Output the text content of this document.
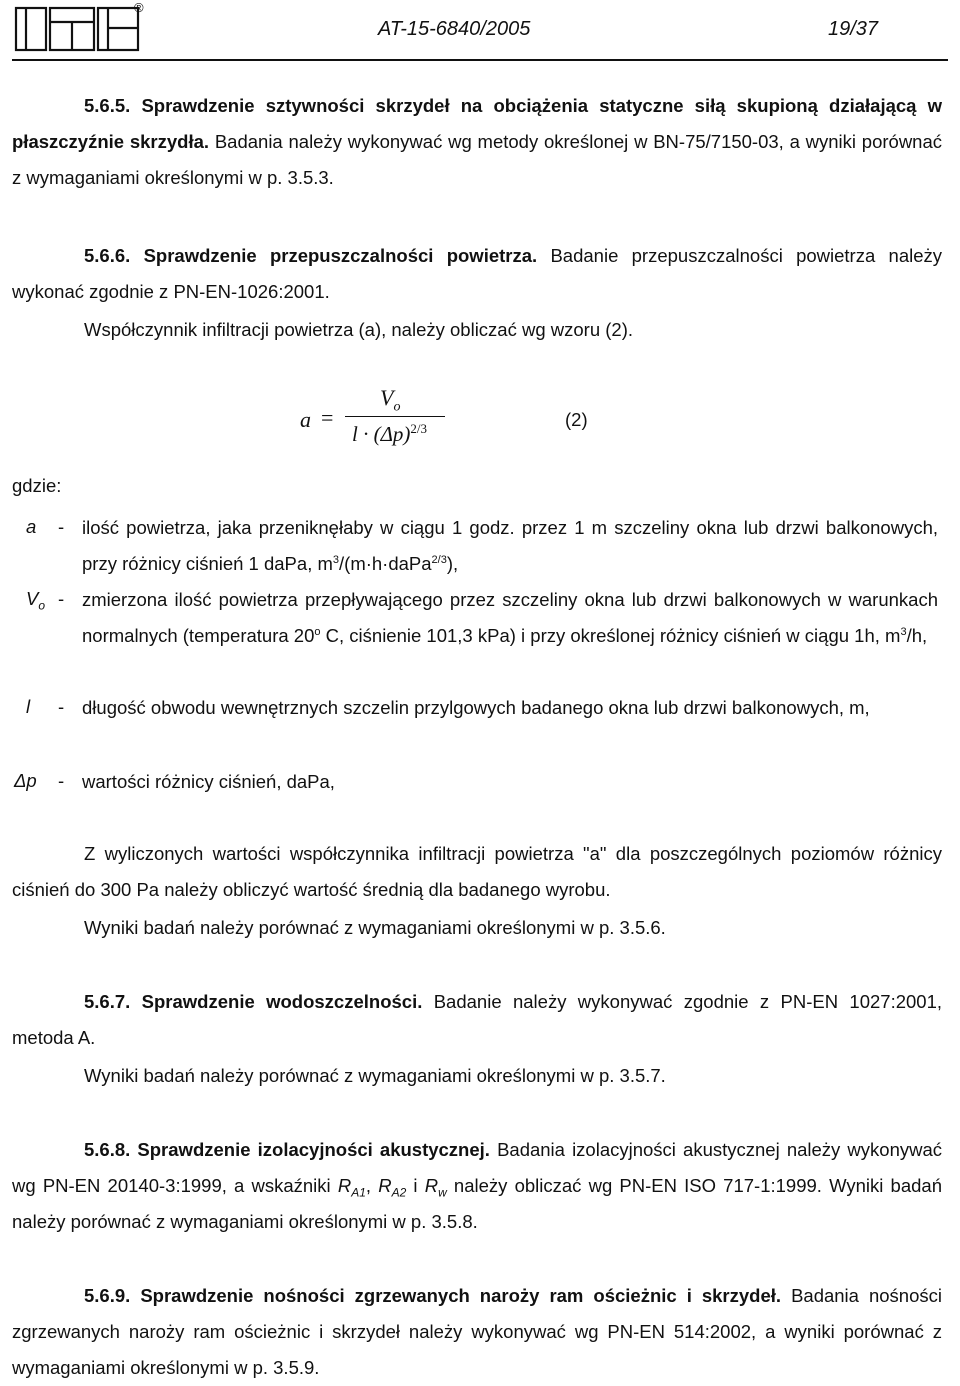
®
AT-15-6840/2005	19/37
5.6.5. Sprawdzenie sztywności skrzydeł na obciążenia statyczne siłą skupioną działającą w płaszczyźnie skrzydła. Badania należy wykonywać wg metody określonej w BN-75/7150-03, a wyniki porównać z wymaganiami określonymi w p. 3.5.3.
5.6.6. Sprawdzenie przepuszczalności powietrza. Badanie przepuszczalności powietrza należy wykonać zgodnie z PN-EN-1026:2001.
Współczynnik infiltracji powietrza (a), należy obliczać wg wzoru (2).
a =
$V_o$
$l \cdot (\Delta p)^{2/3}$	(2)
gdzie:
a - ilość powietrza, jaka przeniknęłaby w ciągu 1 godz. przez 1 m szczeliny okna lub drzwi balkonowych, przy różnicy ciśnień 1 daPa, $m^3/(m\cdot h\cdot daPa^{2/3})$,
$V_o$ - zmierzona ilość powietrza przepływającego przez szczeliny okna lub drzwi balkonowych w warunkach normalnych (temperatura 20$^o$ C, ciśnienie 101,3 kPa) i przy określonej różnicy ciśnień w ciągu 1h, $m^3/h$,
l - długość obwodu wewnętrznych szczelin przylgowych badanego okna lub drzwi balkonowych, m,
Δp - wartości różnicy ciśnień, daPa,
Z wyliczonych wartości współczynnika infiltracji powietrza "a" dla poszczególnych poziomów różnicy ciśnień do 300 Pa należy obliczyć wartość średnią dla badanego wyrobu.
Wyniki badań należy porównać z wymaganiami określonymi w p. 3.5.6.
5.6.7. Sprawdzenie wodoszczelności. Badanie należy wykonywać zgodnie z PN-EN 1027:2001, metoda A.
Wyniki badań należy porównać z wymaganiami określonymi w p. 3.5.7.
5.6.8. Sprawdzenie izolacyjności akustycznej. Badania izolacyjności akustycznej należy wykonywać wg PN-EN 20140-3:1999, a wskaźniki $R_{A1}$, $R_{A2}$ i $R_w$ należy obliczać wg PN-EN ISO 717-1:1999. Wyniki badań należy porównać z wymaganiami określonymi w p. 3.5.8.
5.6.9. Sprawdzenie nośności zgrzewanych naroży ram ościeżnic i skrzydeł. Badania nośności zgrzewanych naroży ram ościeżnic i skrzydeł należy wykonywać wg PN-EN 514:2002, a wyniki porównać z wymaganiami określonymi w p. 3.5.9.
